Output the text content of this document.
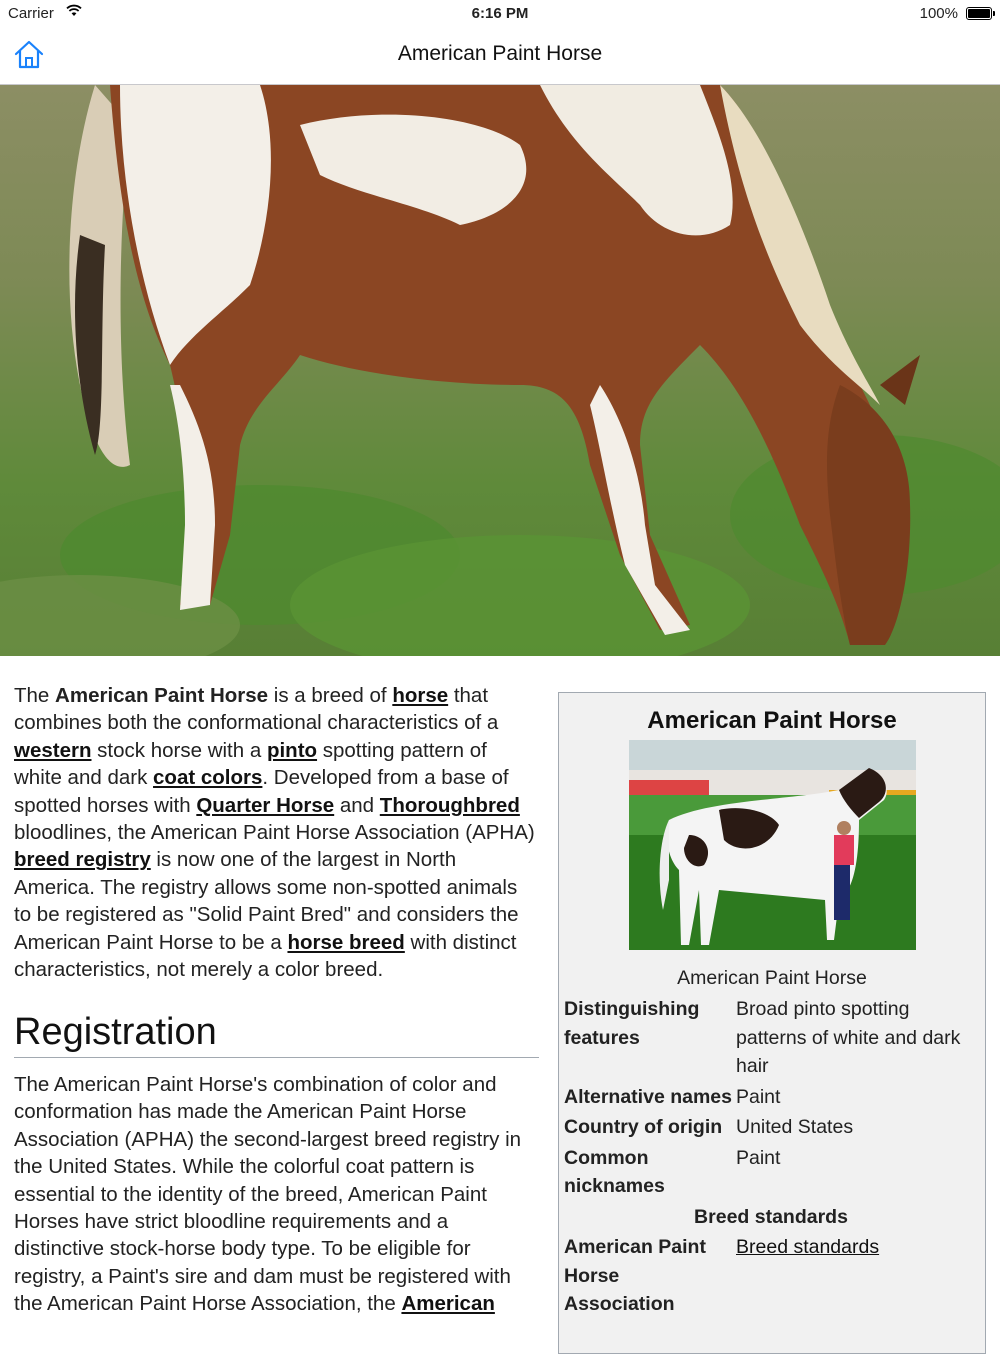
Carrier	6:16 PM	100%
American Paint Horse

The American Paint Horse is a breed of horse that combines both the conformational characteristics of a western stock horse with a pinto spotting pattern of white and dark coat colors. Developed from a base of spotted horses with Quarter Horse and Thoroughbred bloodlines, the American Paint Horse Association (APHA) breed registry is now one of the largest in North America. The registry allows some non-spotted animals to be registered as "Solid Paint Bred" and considers the American Paint Horse to be a horse breed with distinct characteristics, not merely a color breed.

Registration

The American Paint Horse's combination of color and conformation has made the American Paint Horse Association (APHA) the second-largest breed registry in the United States. While the colorful coat pattern is essential to the identity of the breed, American Paint Horses have strict bloodline requirements and a distinctive stock-horse body type. To be eligible for registry, a Paint's sire and dam must be registered with the American Paint Horse Association, the American

American Paint Horse
American Paint Horse
Distinguishing features	Broad pinto spotting patterns of white and dark hair
Alternative names	Paint
Country of origin	United States
Common nicknames	Paint
Breed standards	
American Paint Horse Association	Breed standards
